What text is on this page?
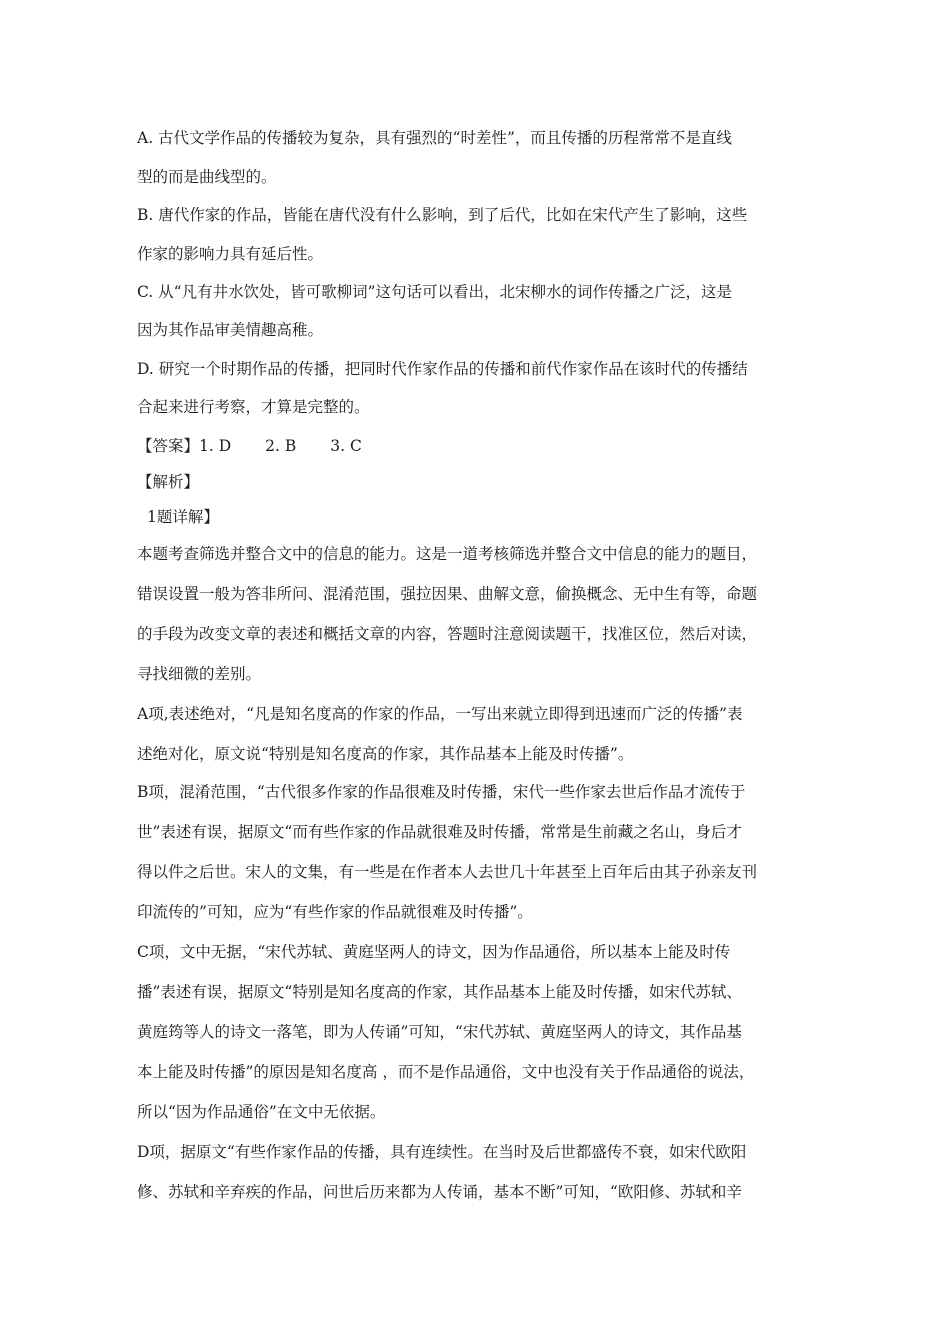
A. 古代文学作品的传播较为复杂，具有强烈的“时差性”，而且传播的历程常常不是直线
型的而是曲线型的。
B. 唐代作家的作品，皆能在唐代没有什么影响，到了后代，比如在宋代产生了影响，这些
作家的影响力具有延后性。
C. 从“凡有井水饮处，皆可歌柳词”这句话可以看出，北宋柳水的词作传播之广泛，这是
因为其作品审美情趣高稚。
D. 研究一个时期作品的传播，把同时代作家作品的传播和前代作家作品在该时代的传播结
合起来进行考察，才算是完整的。
【答案】1. D 2. B 3. C
【解析】
1题详解】
本题考查筛选并整合文中的信息的能力。这是一道考核筛选并整合文中信息的能力的题目，
错误设置一般为答非所问、混淆范围，强拉因果、曲解文意，偷换概念、无中生有等，命题
的手段为改变文章的表述和概括文章的内容，答题时注意阅读题干，找准区位，然后对读，
寻找细微的差别。
A项,表述绝对，“凡是知名度高的作家的作品，一写出来就立即得到迅速而广泛的传播”表
述绝对化，原文说“特别是知名度高的作家，其作品基本上能及时传播”。
B项，混淆范围，“古代很多作家的作品很难及时传播，宋代一些作家去世后作品才流传于
世”表述有误，据原文“而有些作家的作品就很难及时传播，常常是生前藏之名山，身后才
得以件之后世。宋人的文集，有一些是在作者本人去世几十年甚至上百年后由其子孙亲友刊
印流传的”可知，应为“有些作家的作品就很难及时传播”。
C项，文中无据，“宋代苏轼、黄庭坚两人的诗文，因为作品通俗，所以基本上能及时传
播”表述有误，据原文“特别是知名度高的作家，其作品基本上能及时传播，如宋代苏轼、
黄庭筠等人的诗文一落笔，即为人传诵”可知，“宋代苏轼、黄庭坚两人的诗文，其作品基
本上能及时传播”的原因是知名度高 ，而不是作品通俗，文中也没有关于作品通俗的说法，
所以“因为作品通俗”在文中无依据。
D项，据原文“有些作家作品的传播，具有连续性。在当时及后世都盛传不衰，如宋代欧阳
修、苏轼和辛弃疾的作品，问世后历来都为人传诵，基本不断”可知，“欧阳修、苏轼和辛
